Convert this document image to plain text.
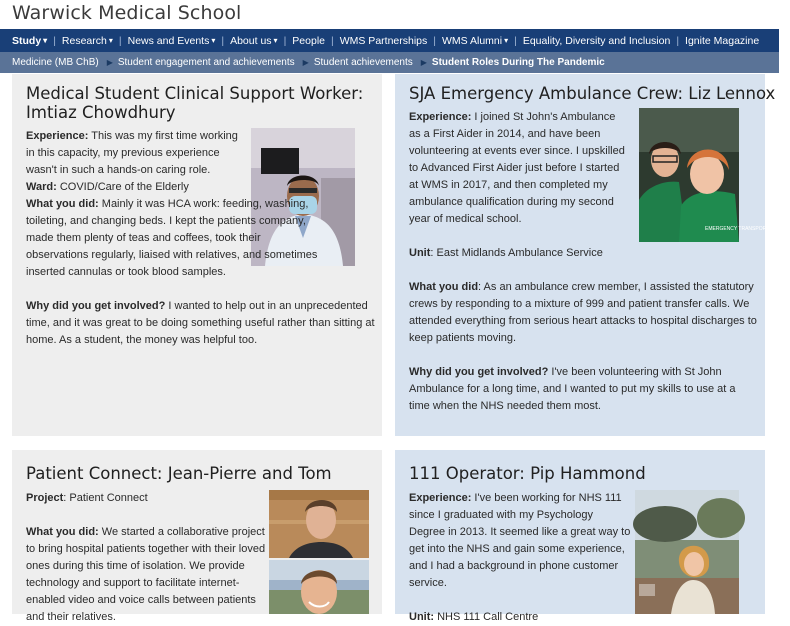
Warwick Medical School
Study ▾ | Research ▾ | News and Events ▾ | About us ▾ | People | WMS Partnerships | WMS Alumni ▾ | Equality, Diversity and Inclusion | Ignite Magazine
Medicine (MB ChB) ▶ Student engagement and achievements ▶ Student achievements ▶ Student Roles During The Pandemic
Medical Student Clinical Support Worker: Imtiaz Chowdhury

Experience: This was my first time working in this capacity, my previous experience wasn't in such a hands-on caring role.

Ward: COVID/Care of the Elderly

What you did: Mainly it was HCA work: feeding, washing, toileting, and changing beds. I kept the patients company, made them plenty of teas and coffees, took their observations regularly, liaised with relatives, and sometimes inserted cannulas or took blood samples.

Why did you get involved? I wanted to help out in an unprecedented time, and it was great to be doing something useful rather than sitting at home. As a student, the money was helpful too.

SJA Emergency Ambulance Crew: Liz Lennox
EMERGENCY TRANSPORT

Experience: I joined St John's Ambulance as a First Aider in 2014, and have been volunteering at events ever since. I upskilled to Advanced First Aider just before I started at WMS in 2017, and then completed my ambulance qualification during my second year of medical school.

Unit: East Midlands Ambulance Service

What you did: As an ambulance crew member, I assisted the statutory crews by responding to a mixture of 999 and patient transfer calls. We attended everything from serious heart attacks to hospital discharges to keep patients moving.

Why did you get involved? I've been volunteering with St John Ambulance for a long time, and I wanted to put my skills to use at a time when the NHS needed them most.

Patient Connect: Jean-Pierre and Tom

Project: Patient Connect

What you did: We started a collaborative project to bring hospital patients together with their loved ones during this time of isolation. We provide technology and support to facilitate internet-enabled video and voice calls between patients and their relatives.

111 Operator: Pip Hammond

Experience: I've been working for NHS 111 since I graduated with my Psychology Degree in 2013. It seemed like a great way to get into the NHS and gain some experience, and I had a background in phone customer service.

Unit: NHS 111 Call Centre
